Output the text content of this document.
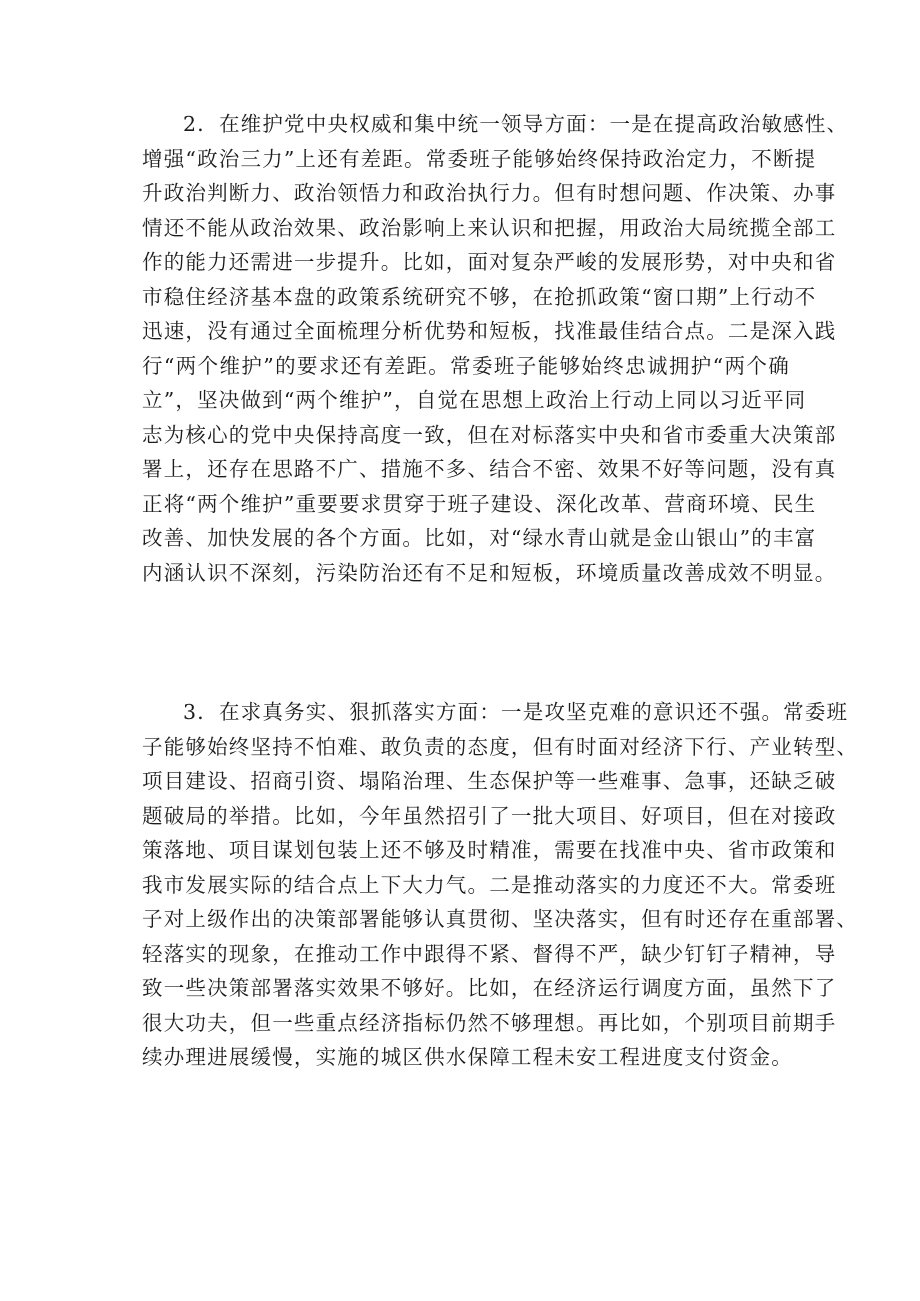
2．在维护党中央权威和集中统一领导方面：一是在提高政治敏感性、
增强“政治三力”上还有差距。常委班子能够始终保持政治定力，不断提
升政治判断力、政治领悟力和政治执行力。但有时想问题、作决策、办事
情还不能从政治效果、政治影响上来认识和把握，用政治大局统揽全部工
作的能力还需进一步提升。比如，面对复杂严峻的发展形势，对中央和省
市稳住经济基本盘的政策系统研究不够，在抢抓政策“窗口期”上行动不
迅速，没有通过全面梳理分析优势和短板，找准最佳结合点。二是深入践
行“两个维护”的要求还有差距。常委班子能够始终忠诚拥护“两个确
立”，坚决做到“两个维护”，自觉在思想上政治上行动上同以习近平同
志为核心的党中央保持高度一致，但在对标落实中央和省市委重大决策部
署上，还存在思路不广、措施不多、结合不密、效果不好等问题，没有真
正将“两个维护”重要要求贯穿于班子建设、深化改革、营商环境、民生
改善、加快发展的各个方面。比如，对“绿水青山就是金山银山”的丰富
内涵认识不深刻，污染防治还有不足和短板，环境质量改善成效不明显。
3．在求真务实、狠抓落实方面：一是攻坚克难的意识还不强。常委班
子能够始终坚持不怕难、敢负责的态度，但有时面对经济下行、产业转型、
项目建设、招商引资、塌陷治理、生态保护等一些难事、急事，还缺乏破
题破局的举措。比如，今年虽然招引了一批大项目、好项目，但在对接政
策落地、项目谋划包装上还不够及时精准，需要在找准中央、省市政策和
我市发展实际的结合点上下大力气。二是推动落实的力度还不大。常委班
子对上级作出的决策部署能够认真贯彻、坚决落实，但有时还存在重部署、
轻落实的现象，在推动工作中跟得不紧、督得不严，缺少钉钉子精神，导
致一些决策部署落实效果不够好。比如，在经济运行调度方面，虽然下了
很大功夫，但一些重点经济指标仍然不够理想。再比如，个别项目前期手
续办理进展缓慢，实施的城区供水保障工程未安工程进度支付资金。
